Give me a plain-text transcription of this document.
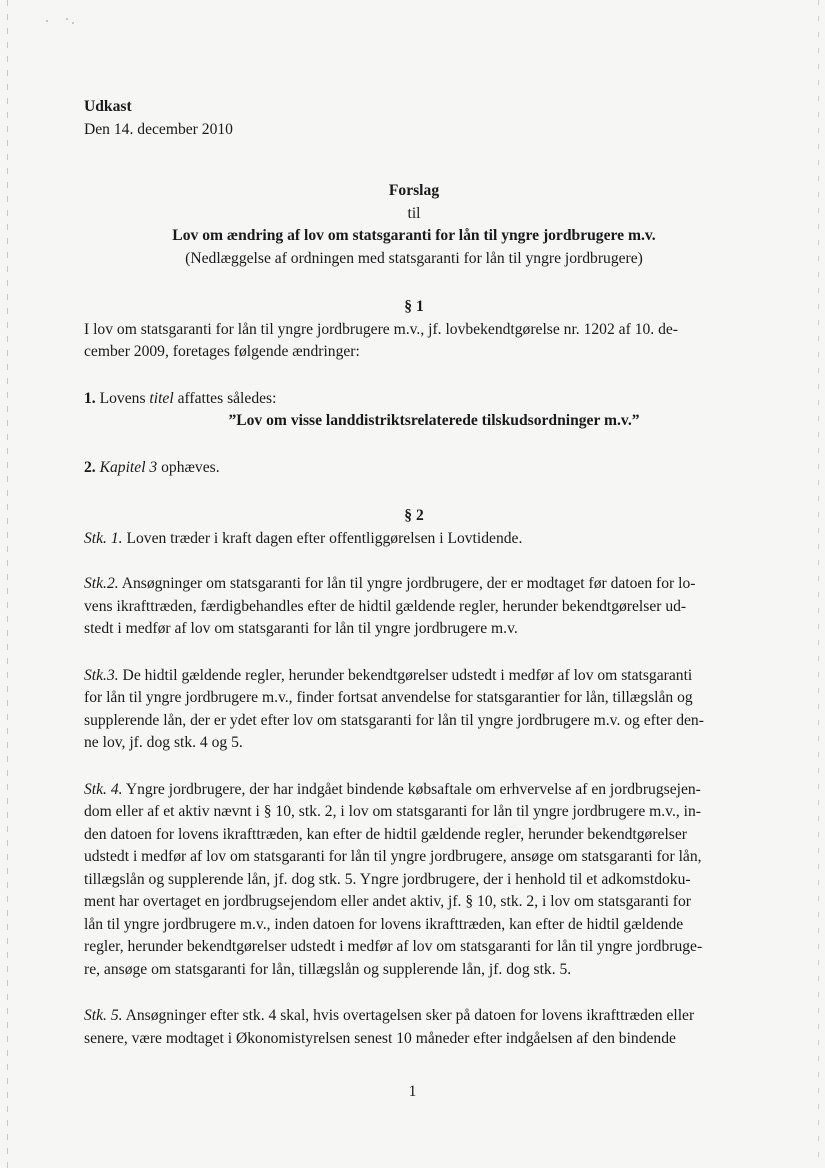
Udkast

Den 14. december 2010

Forslag

til

Lov om ændring af lov om statsgaranti for lån til yngre jordbrugere m.v.

(Nedlæggelse af ordningen med statsgaranti for lån til yngre jordbrugere)

§ 1

I lov om statsgaranti for lån til yngre jordbrugere m.v., jf. lovbekendtgørelse nr. 1202 af 10. de-

cember 2009, foretages følgende ændringer:

1. Lovens titel affattes således:

”Lov om visse landdistriktsrelaterede tilskudsordninger m.v.”

2. Kapitel 3 ophæves.

§ 2

Stk. 1. Loven træder i kraft dagen efter offentliggørelsen i Lovtidende.

Stk.2. Ansøgninger om statsgaranti for lån til yngre jordbrugere, der er modtaget før datoen for lo-

vens ikrafttræden, færdigbehandles efter de hidtil gældende regler, herunder bekendtgørelser ud-

stedt i medfør af lov om statsgaranti for lån til yngre jordbrugere m.v.

Stk.3. De hidtil gældende regler, herunder bekendtgørelser udstedt i medfør af lov om statsgaranti

for lån til yngre jordbrugere m.v., finder fortsat anvendelse for statsgarantier for lån, tillægslån og

supplerende lån, der er ydet efter lov om statsgaranti for lån til yngre jordbrugere m.v. og efter den-

ne lov, jf. dog stk. 4 og 5.

Stk. 4. Yngre jordbrugere, der har indgået bindende købsaftale om erhvervelse af en jordbrugsejen-

dom eller af et aktiv nævnt i § 10, stk. 2, i lov om statsgaranti for lån til yngre jordbrugere m.v., in-

den datoen for lovens ikrafttræden, kan efter de hidtil gældende regler, herunder bekendtgørelser

udstedt i medfør af lov om statsgaranti for lån til yngre jordbrugere, ansøge om statsgaranti for lån,

tillægslån og supplerende lån, jf. dog stk. 5. Yngre jordbrugere, der i henhold til et adkomstdoku-

ment har overtaget en jordbrugsejendom eller andet aktiv, jf. § 10, stk. 2, i lov om statsgaranti for

lån til yngre jordbrugere m.v., inden datoen for lovens ikrafttræden, kan efter de hidtil gældende

regler, herunder bekendtgørelser udstedt i medfør af lov om statsgaranti for lån til yngre jordbruge-

re, ansøge om statsgaranti for lån, tillægslån og supplerende lån, jf. dog stk. 5.

Stk. 5. Ansøgninger efter stk. 4 skal, hvis overtagelsen sker på datoen for lovens ikrafttræden eller

senere, være modtaget i Økonomistyrelsen senest 10 måneder efter indgåelsen af den bindende

1
